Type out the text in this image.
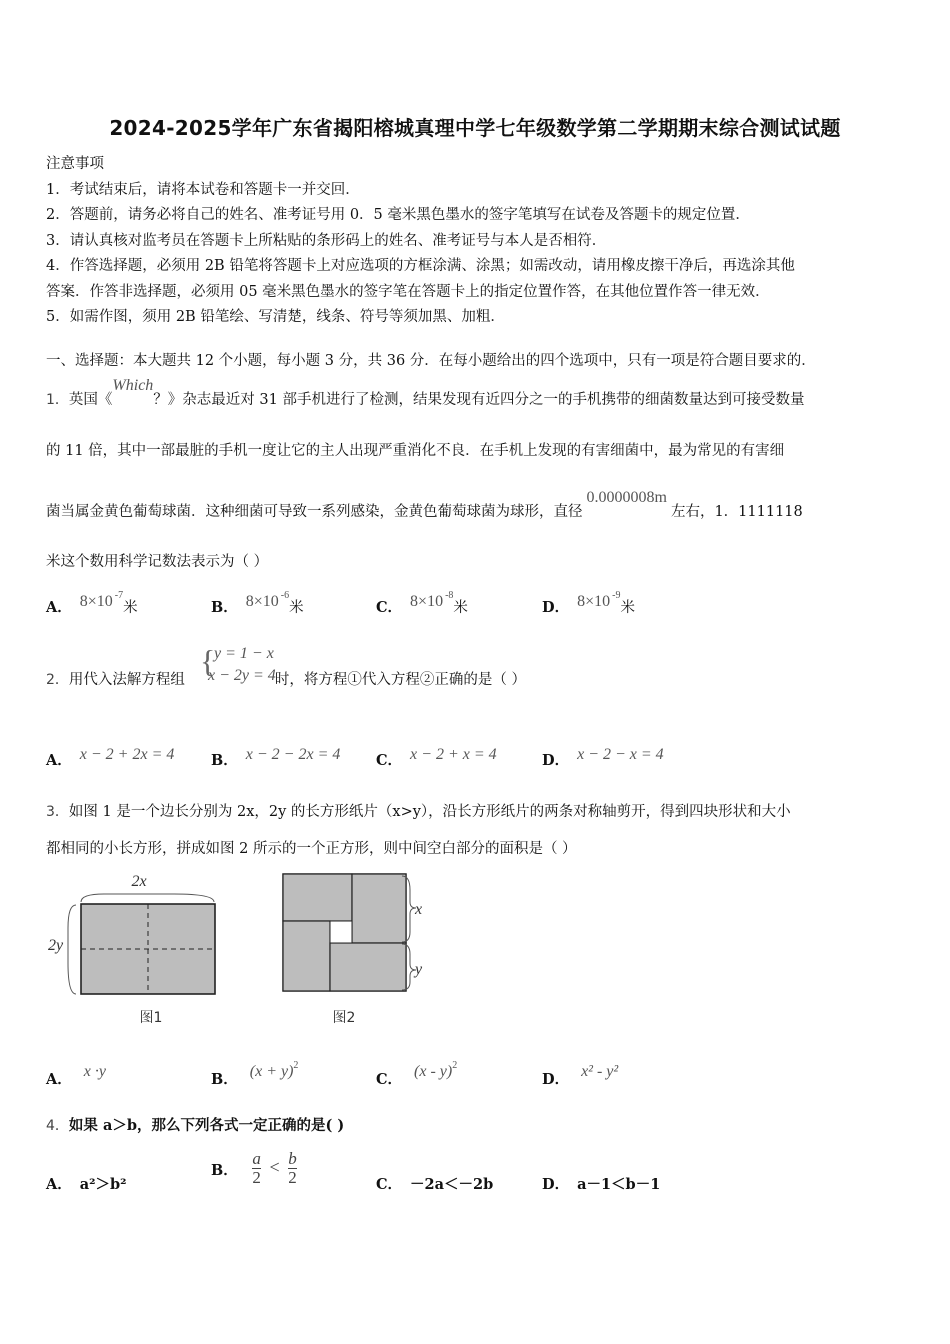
2024-2025学年广东省揭阳榕城真理中学七年级数学第二学期期末综合测试试题
注意事项
1．考试结束后，请将本试卷和答题卡一并交回．
2．答题前，请务必将自己的姓名、准考证号用 0．5 毫米黑色墨水的签字笔填写在试卷及答题卡的规定位置．
3．请认真核对监考员在答题卡上所粘贴的条形码上的姓名、准考证号与本人是否相符．
4．作答选择题，必须用 2B 铅笔将答题卡上对应选项的方框涂满、涂黑；如需改动，请用橡皮擦干净后，再选涂其他
答案．作答非选择题，必须用 05 毫米黑色墨水的签字笔在答题卡上的指定位置作答，在其他位置作答一律无效．
5．如需作图，须用 2B 铅笔绘、写清楚，线条、符号等须加黑、加粗．
一、选择题：本大题共 12 个小题，每小题 3 分，共 36 分．在每小题给出的四个选项中，只有一项是符合题目要求的．
1．英国《Which？》杂志最近对 31 部手机进行了检测，结果发现有近四分之一的手机携带的细菌数量达到可接受数量
的 11 倍，其中一部最脏的手机一度让它的主人出现严重消化不良．在手机上发现的有害细菌中，最为常见的有害细
菌当属金黄色葡萄球菌．这种细菌可导致一系列感染，金黄色葡萄球菌为球形，直径0.0000008m左右，1．1111118
米这个数用科学记数法表示为（ ）
A． 8×10 $^{-7}$米	B． 8×10 $^{-6}$米	C． 8×10 $^{-8}$米	D． 8×10 $^{-9}$米
2．用代入法解方程组	时，将方程①代入方程②正确的是（ ）
{
y = 1 − x
x − 2y = 4
A． x − 2 + 2x = 4	B． x − 2 − 2x = 4 C． x − 2 + x = 4	D． x − 2 − x = 4
3．如图 1 是一个边长分别为 2x，2y 的长方形纸片（x>y），沿长方形纸片的两条对称轴剪开，得到四块形状和大小
都相同的小长方形，拼成如图 2 所示的一个正方形，则中间空白部分的面积是（ ）
2x
2y
图1
x
y
图2
A． x ·y	B． $(x + y)^2$
C． (x - y)$^2$
D． x² - y²
4．如果 a＞b，那么下列各式一定正确的是( )
A． a²＞b²
B． $\frac{a}{2} < \frac{b}{2}$	C． －2a＜－2b	D． a－1＜b－1
